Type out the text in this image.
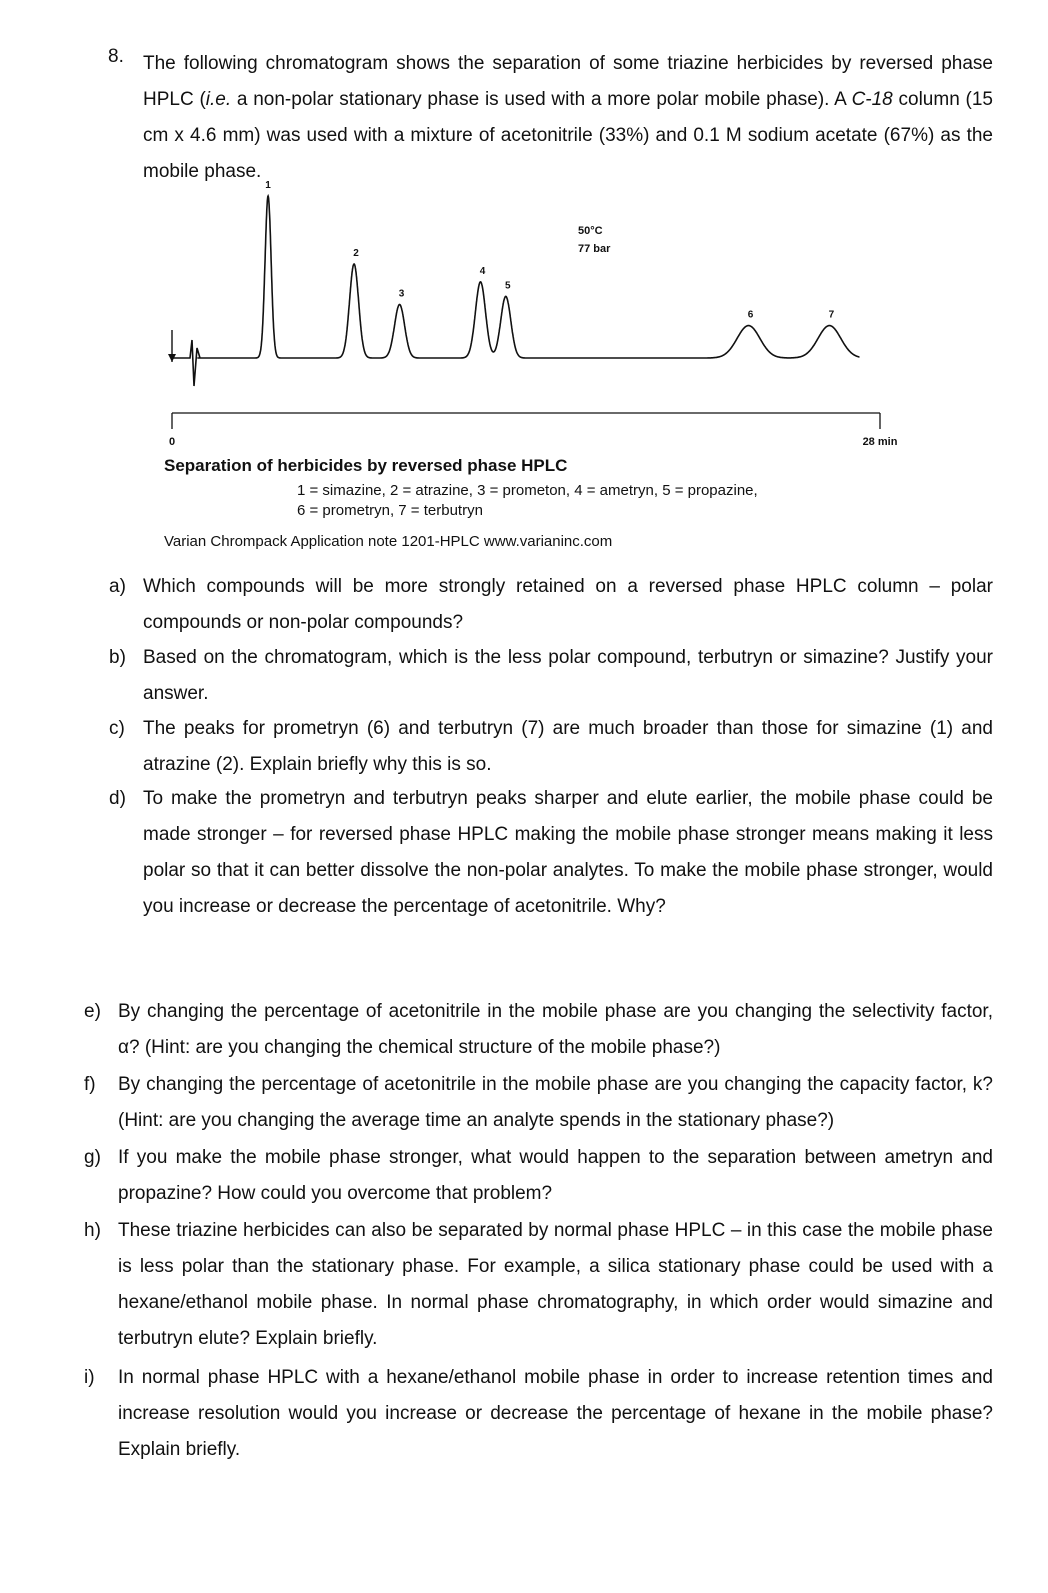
8. The following chromatogram shows the separation of some triazine herbicides by reversed phase HPLC (i.e. a non-polar stationary phase is used with a more polar mobile phase). A C-18 column (15 cm x 4.6 mm) was used with a mixture of acetonitrile (33%) and 0.1 M sodium acetate (67%) as the mobile phase.
1
2
3
4
5
6	7
50°C
77 bar
0	28 min
Separation of herbicides by reversed phase HPLC
1 = simazine, 2 = atrazine, 3 = prometon, 4 = ametryn, 5 = propazine,
6 = prometryn, 7 = terbutryn
Varian Chrompack Application note 1201-HPLC www.varianinc.com
a) Which compounds will be more strongly retained on a reversed phase HPLC column – polar compounds or non-polar compounds?
b) Based on the chromatogram, which is the less polar compound, terbutryn or simazine? Justify your answer.
c) The peaks for prometryn (6) and terbutryn (7) are much broader than those for simazine (1) and atrazine (2). Explain briefly why this is so.
d) To make the prometryn and terbutryn peaks sharper and elute earlier, the mobile phase could be made stronger – for reversed phase HPLC making the mobile phase stronger means making it less polar so that it can better dissolve the non-polar analytes. To make the mobile phase stronger, would you increase or decrease the percentage of acetonitrile. Why?
e) By changing the percentage of acetonitrile in the mobile phase are you changing the selectivity factor, α? (Hint: are you changing the chemical structure of the mobile phase?)
f) By changing the percentage of acetonitrile in the mobile phase are you changing the capacity factor, k? (Hint: are you changing the average time an analyte spends in the stationary phase?)
g) If you make the mobile phase stronger, what would happen to the separation between ametryn and propazine? How could you overcome that problem?
h) These triazine herbicides can also be separated by normal phase HPLC – in this case the mobile phase is less polar than the stationary phase. For example, a silica stationary phase could be used with a hexane/ethanol mobile phase. In normal phase chromatography, in which order would simazine and terbutryn elute? Explain briefly.
i) In normal phase HPLC with a hexane/ethanol mobile phase in order to increase retention times and increase resolution would you increase or decrease the percentage of hexane in the mobile phase? Explain briefly.
